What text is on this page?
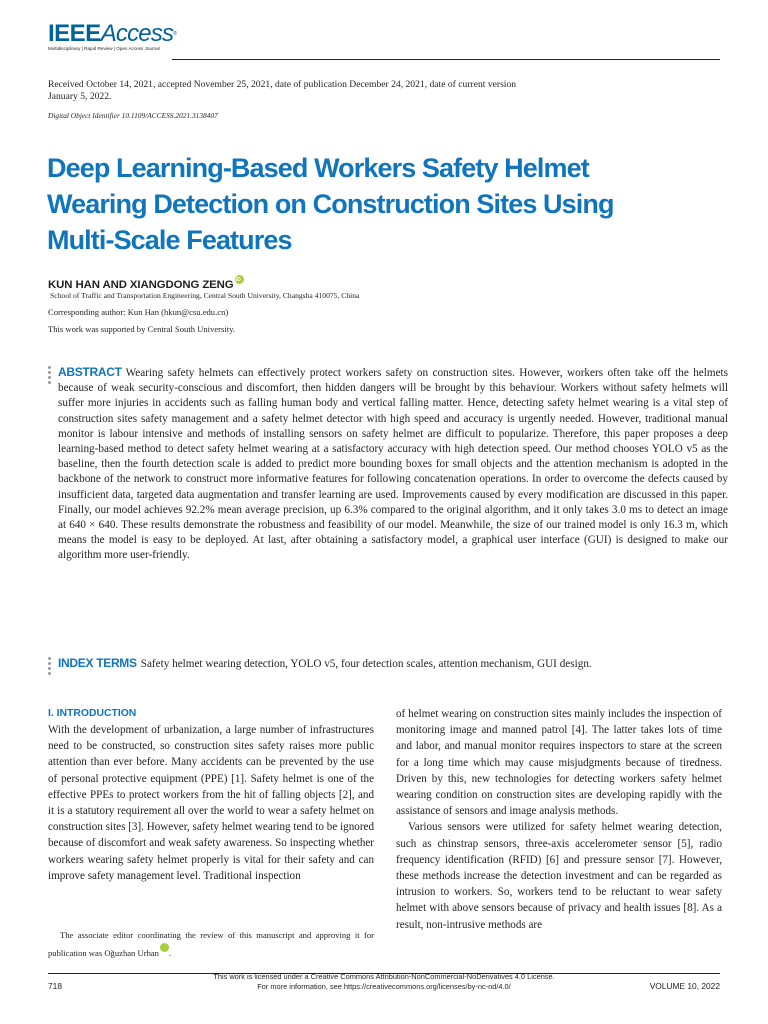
IEEEAccess®
Multidisciplinary | Rapid Review | Open Access Journal
Received October 14, 2021, accepted November 25, 2021, date of publication December 24, 2021, date of current version January 5, 2022.
Digital Object Identifier 10.1109/ACCESS.2021.3138407
Deep Learning-Based Workers Safety Helmet Wearing Detection on Construction Sites Using Multi-Scale Features
KUN HAN AND XIANGDONG ZENGiD
School of Traffic and Transportation Engineering, Central South University, Changsha 410075, China
Corresponding author: Kun Han (hkun@csu.edu.cn)
This work was supported by Central South University.
ABSTRACT Wearing safety helmets can effectively protect workers safety on construction sites. However, workers often take off the helmets because of weak security-conscious and discomfort, then hidden dangers will be brought by this behaviour. Workers without safety helmets will suffer more injuries in accidents such as falling human body and vertical falling matter. Hence, detecting safety helmet wearing is a vital step of construction sites safety management and a safety helmet detector with high speed and accuracy is urgently needed. However, traditional manual monitor is labour intensive and methods of installing sensors on safety helmet are difficult to popularize. Therefore, this paper proposes a deep learning-based method to detect safety helmet wearing at a satisfactory accuracy with high detection speed. Our method chooses YOLO v5 as the baseline, then the fourth detection scale is added to predict more bounding boxes for small objects and the attention mechanism is adopted in the backbone of the network to construct more informative features for following concatenation operations. In order to overcome the defects caused by insufficient data, targeted data augmentation and transfer learning are used. Improvements caused by every modification are discussed in this paper. Finally, our model achieves 92.2% mean average precision, up 6.3% compared to the original algorithm, and it only takes 3.0 ms to detect an image at 640 × 640. These results demonstrate the robustness and feasibility of our model. Meanwhile, the size of our trained model is only 16.3 m, which means the model is easy to be deployed. At last, after obtaining a satisfactory model, a graphical user interface (GUI) is designed to make our algorithm more user-friendly.
INDEX TERMS Safety helmet wearing detection, YOLO v5, four detection scales, attention mechanism, GUI design.
I. INTRODUCTION

With the development of urbanization, a large number of infrastructures need to be constructed, so construction sites safety raises more public attention than ever before. Many accidents can be prevented by the use of personal protective equipment (PPE) [1]. Safety helmet is one of the effective PPEs to protect workers from the hit of falling objects [2], and it is a statutory requirement all over the world to wear a safety helmet on construction sites [3]. However, safety helmet wearing tend to be ignored because of discomfort and weak safety awareness. So inspecting whether workers wearing safety helmet properly is vital for their safety and can improve safety management level. Traditional inspection

of helmet wearing on construction sites mainly includes the inspection of monitoring image and manned patrol [4]. The latter takes lots of time and labor, and manual monitor requires inspectors to stare at the screen for a long time which may cause misjudgments because of tiredness. Driven by this, new technologies for detecting workers safety helmet wearing condition on construction sites are developing rapidly with the assistance of sensors and image analysis methods.

Various sensors were utilized for safety helmet wearing detection, such as chinstrap sensors, three-axis accelerometer sensor [5], radio frequency identification (RFID) [6] and pressure sensor [7]. However, these methods increase the detection investment and can be regarded as intrusion to workers. So, workers tend to be reluctant to wear safety helmet with above sensors because of privacy and health issues [8]. As a result, non-intrusive methods are

The associate editor coordinating the review of this manuscript and approving it for publication was Oğuzhan UrhaniD .

718
This work is licensed under a Creative Commons Attribution-NonCommercial-NoDerivatives 4.0 License.
For more information, see https://creativecommons.org/licenses/by-nc-nd/4.0/	VOLUME 10, 2022
